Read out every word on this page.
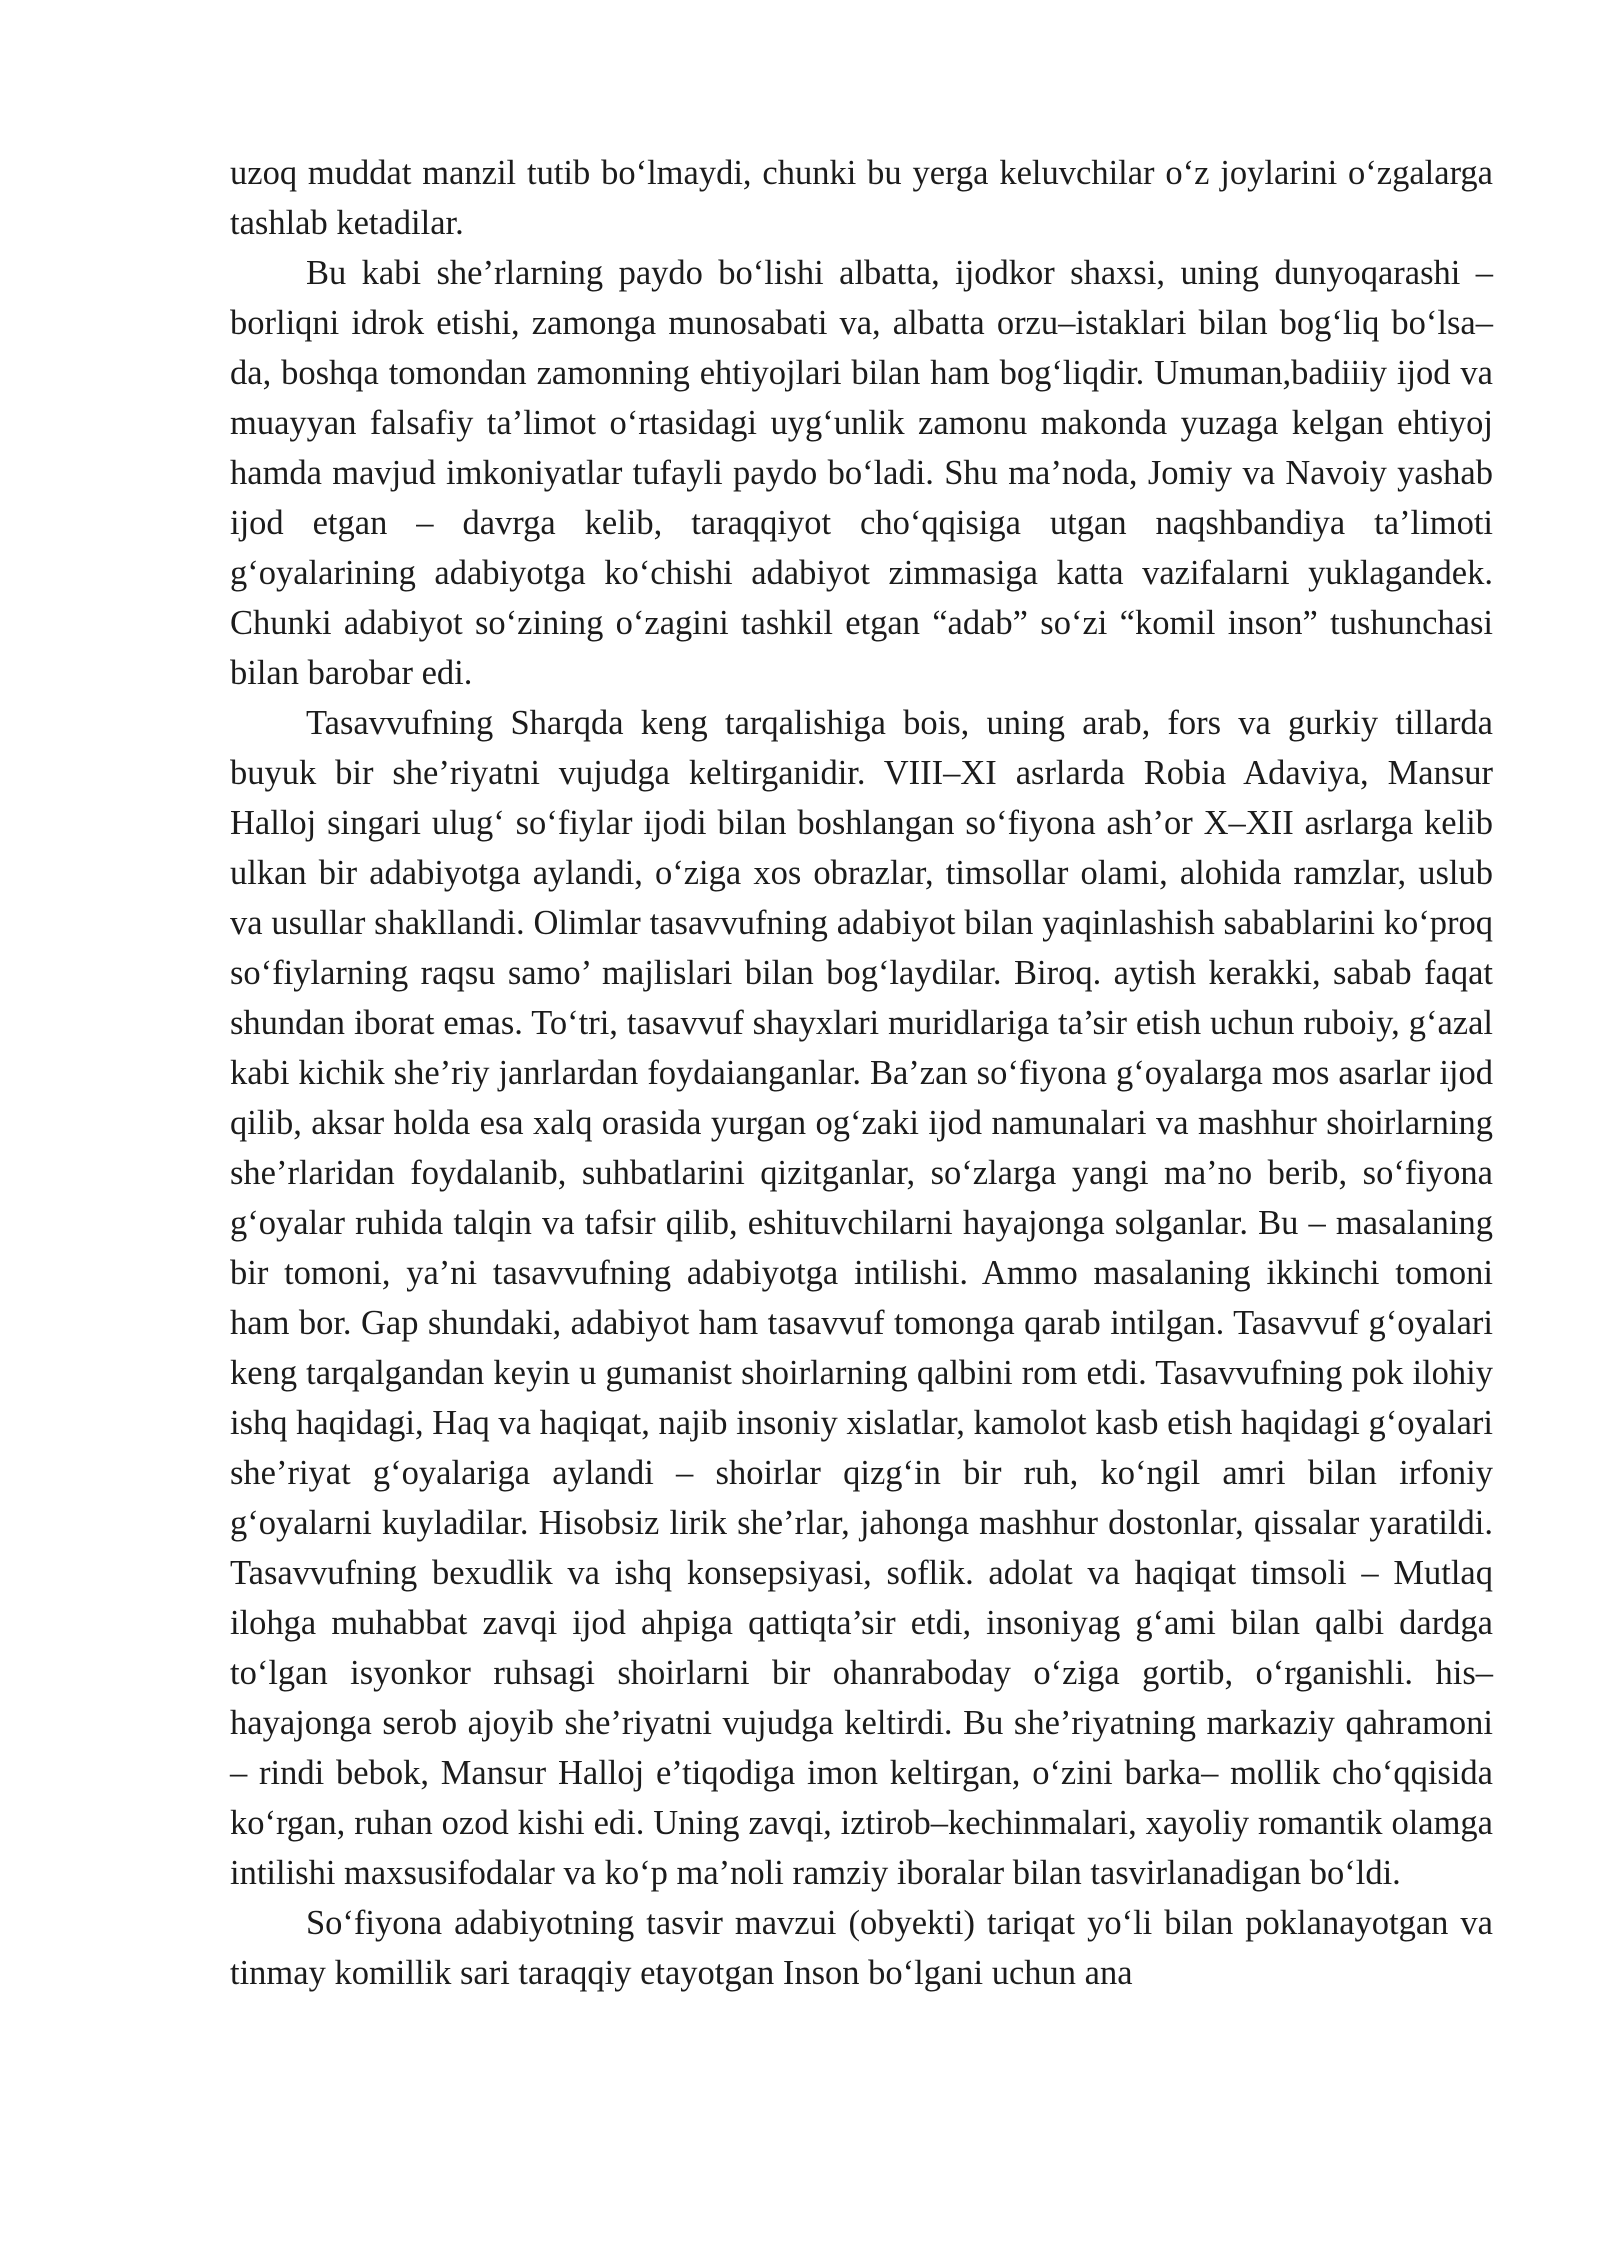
uzoq muddat manzil tutib bo‘lmaydi, chunki bu yerga keluvchilar o‘z joylarini o‘zgalarga tashlab ketadilar.

Bu kabi she’rlarning paydo bo‘lishi albatta, ijodkor shaxsi, uning dunyoqarashi – borliqni idrok etishi, zamonga munosabati va, albatta orzu–istaklari bilan bog‘liq bo‘lsa–da, boshqa tomondan zamonning ehtiyojlari bilan ham bog‘liqdir. Umuman,badiiiy ijod va muayyan falsafiy ta’limot o‘rtasidagi uyg‘unlik zamonu makonda yuzaga kelgan ehtiyoj hamda mavjud imkoniyatlar tufayli paydo bo‘ladi. Shu ma’noda, Jomiy va Navoiy yashab ijod etgan – davrga kelib, taraqqiyot cho‘qqisiga utgan naqshbandiya ta’limoti g‘oyalarining adabiyotga ko‘chishi adabiyot zimmasiga katta vazifalarni yuklagandek. Chunki adabiyot so‘zining o‘zagini tashkil etgan “adab” so‘zi “komil inson” tushunchasi bilan barobar edi.

Tasavvufning Sharqda keng tarqalishiga bois, uning arab, fors va gurkiy tillarda buyuk bir she’riyatni vujudga keltirganidir. VIII–XI asrlarda Robia Adaviya, Mansur Halloj singari ulug‘ so‘fiylar ijodi bilan boshlangan so‘fiyona ash’or X–XII asrlarga kelib ulkan bir adabiyotga aylandi, o‘ziga xos obrazlar, timsollar olami, alohida ramzlar, uslub va usullar shakllandi. Olimlar tasavvufning adabiyot bilan yaqinlashish sabablarini ko‘proq so‘fiylarning raqsu samo’ majlislari bilan bog‘laydilar. Biroq. aytish kerakki, sabab faqat shundan iborat emas. To‘tri, tasavvuf shayxlari muridlariga ta’sir etish uchun ruboiy, g‘azal kabi kichik she’riy janrlardan foydaianganlar. Ba’zan so‘fiyona g‘oyalarga mos asarlar ijod qilib, aksar holda esa xalq orasida yurgan og‘zaki ijod namunalari va mashhur shoirlarning she’rlaridan foydalanib, suhbatlarini qizitganlar, so‘zlarga yangi ma’no berib, so‘fiyona g‘oyalar ruhida talqin va tafsir qilib, eshituvchilarni hayajonga solganlar. Bu – masalaning bir tomoni, ya’ni tasavvufning adabiyotga intilishi. Ammo masalaning ikkinchi tomoni ham bor. Gap shundaki, adabiyot ham tasavvuf tomonga qarab intilgan. Tasavvuf g‘oyalari keng tarqalgandan keyin u gumanist shoirlarning qalbini rom etdi. Tasavvufning pok ilohiy ishq haqidagi, Haq va haqiqat, najib insoniy xislatlar, kamolot kasb etish haqidagi g‘oyalari she’riyat g‘oyalariga aylandi – shoirlar qizg‘in bir ruh, ko‘ngil amri bilan irfoniy g‘oyalarni kuyladilar. Hisobsiz lirik she’rlar, jahonga mashhur dostonlar, qissalar yaratildi. Tasavvufning bexudlik va ishq konsepsiyasi, soflik. adolat va haqiqat timsoli – Mutlaq ilohga muhabbat zavqi ijod ahpiga qattiqta’sir etdi, insoniyag g‘ami bilan qalbi dardga to‘lgan isyonkor ruhsagi shoirlarni bir ohanraboday o‘ziga gortib, o‘rganishli. his–hayajonga serob ajoyib she’riyatni vujudga keltirdi. Bu she’riyatning markaziy qahramoni – rindi bebok, Mansur Halloj e’tiqodiga imon keltirgan, o‘zini barka– mollik cho‘qqisida ko‘rgan, ruhan ozod kishi edi. Uning zavqi, iztirob–kechinmalari, xayoliy romantik olamga intilishi maxsusifodalar va ko‘p ma’noli ramziy iboralar bilan tasvirlanadigan bo‘ldi.

So‘fiyona adabiyotning tasvir mavzui (obyekti) tariqat yo‘li bilan poklanayotgan va tinmay komillik sari taraqqiy etayotgan Inson bo‘lgani uchun ana
